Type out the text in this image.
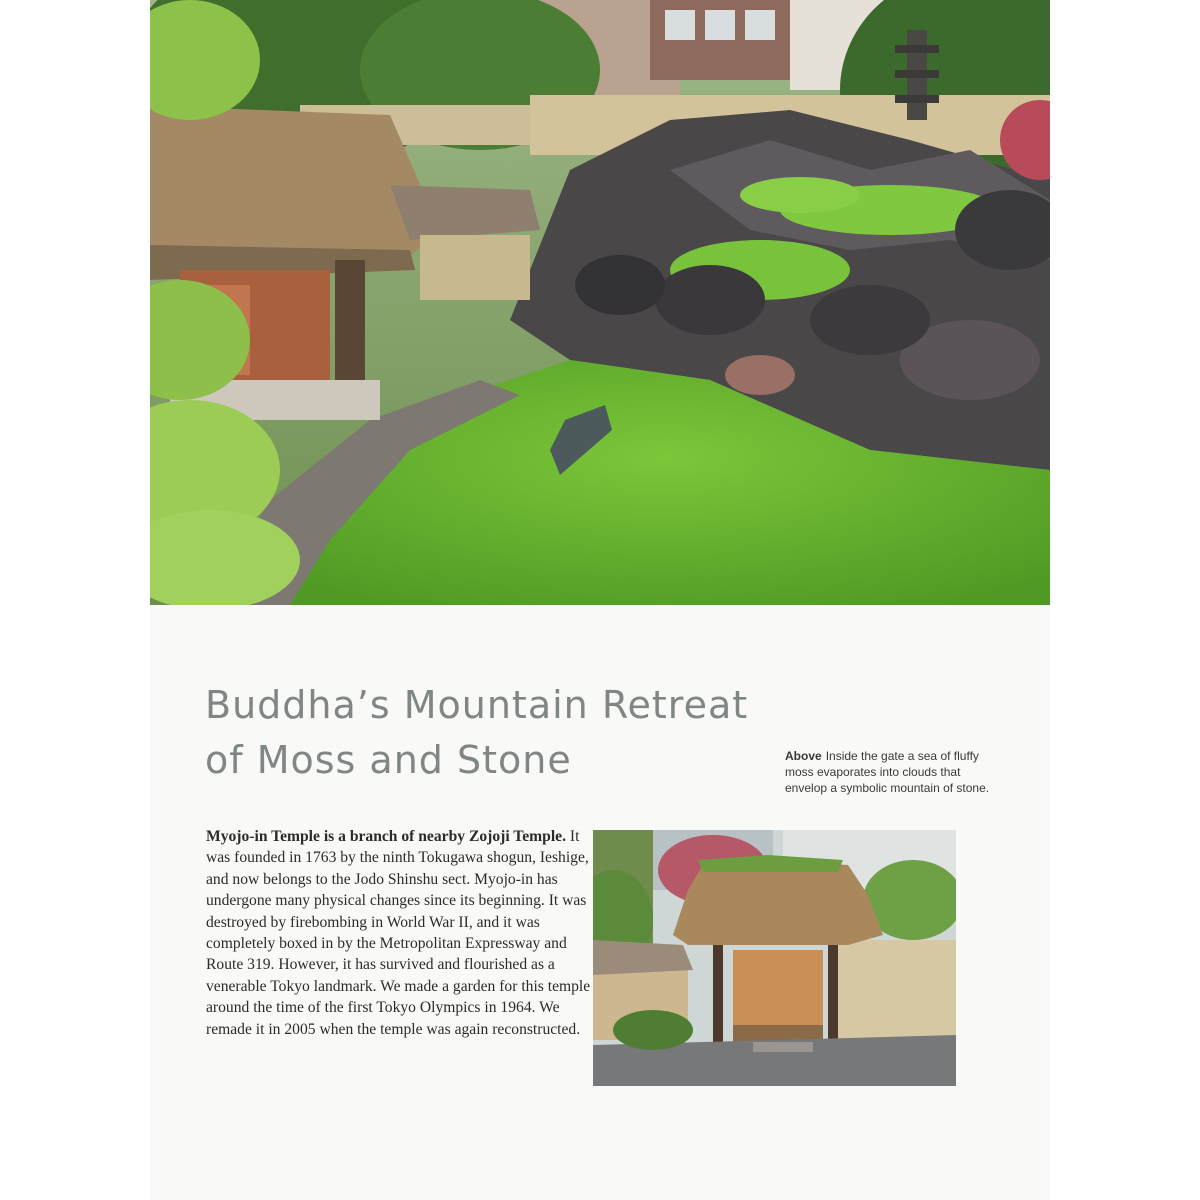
Buddha’s Mountain Retreat
of Moss and Stone	Above Inside the gate a sea of fluffy moss evaporates into clouds that envelop a symbolic mountain of stone.

Myojo-in Temple is a branch of nearby Zojoji Temple. It was founded in 1763 by the ninth Tokugawa shogun, Ieshige, and now belongs to the Jodo Shinshu sect. Myojo-in has undergone many physical changes since its beginning. It was destroyed by firebombing in World War II, and it was completely boxed in by the Metropolitan Expressway and Route 319. However, it has survived and flourished as a venerable Tokyo landmark. We made a garden for this temple around the time of the first Tokyo Olympics in 1964. We remade it in 2005 when the temple was again reconstructed.
